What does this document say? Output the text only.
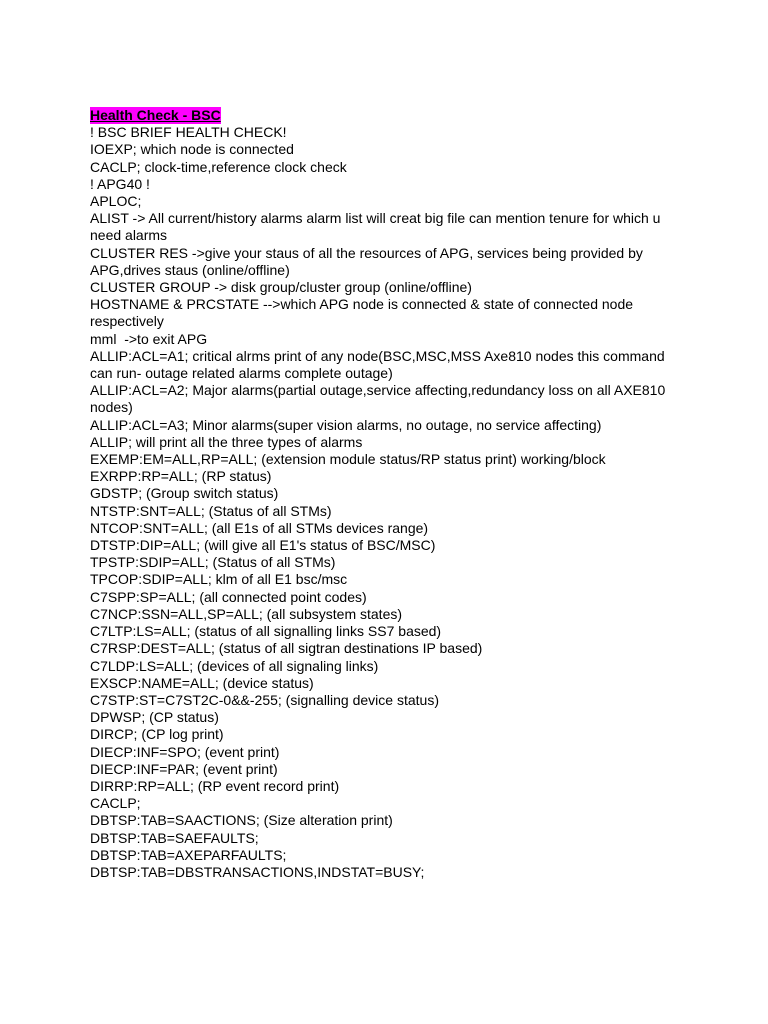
Health Check - BSC
! BSC BRIEF HEALTH CHECK!
IOEXP; which node is connected
CACLP; clock-time,reference clock check
! APG40 !
APLOC;
ALIST -> All current/history alarms alarm list will creat big file can mention tenure for which u need alarms
CLUSTER RES ->give your staus of all the resources of APG, services being provided by APG,drives staus (online/offline)
CLUSTER GROUP -> disk group/cluster group (online/offline)
HOSTNAME & PRCSTATE -->which APG node is connected & state of connected node respectively
mml  ->to exit APG
ALLIP:ACL=A1; critical alrms print of any node(BSC,MSC,MSS Axe810 nodes this command can run- outage related alarms complete outage)
ALLIP:ACL=A2; Major alarms(partial outage,service affecting,redundancy loss on all AXE810 nodes)
ALLIP:ACL=A3; Minor alarms(super vision alarms, no outage, no service affecting)
ALLIP; will print all the three types of alarms
EXEMP:EM=ALL,RP=ALL; (extension module status/RP status print) working/block
EXRPP:RP=ALL; (RP status)
GDSTP; (Group switch status)
NTSTP:SNT=ALL; (Status of all STMs)
NTCOP:SNT=ALL; (all E1s of all STMs devices range)
DTSTP:DIP=ALL; (will give all E1's status of BSC/MSC)
TPSTP:SDIP=ALL; (Status of all STMs)
TPCOP:SDIP=ALL; klm of all E1 bsc/msc
C7SPP:SP=ALL; (all connected point codes)
C7NCP:SSN=ALL,SP=ALL; (all subsystem states)
C7LTP:LS=ALL; (status of all signalling links SS7 based)
C7RSP:DEST=ALL; (status of all sigtran destinations IP based)
C7LDP:LS=ALL; (devices of all signaling links)
EXSCP:NAME=ALL; (device status)
C7STP:ST=C7ST2C-0&&-255; (signalling device status)
DPWSP; (CP status)
DIRCP; (CP log print)
DIECP:INF=SPO; (event print)
DIECP:INF=PAR; (event print)
DIRRP:RP=ALL; (RP event record print)
CACLP;
DBTSP:TAB=SAACTIONS; (Size alteration print)
DBTSP:TAB=SAEFAULTS;
DBTSP:TAB=AXEPARFAULTS;
DBTSP:TAB=DBSTRANSACTIONS,INDSTAT=BUSY;
